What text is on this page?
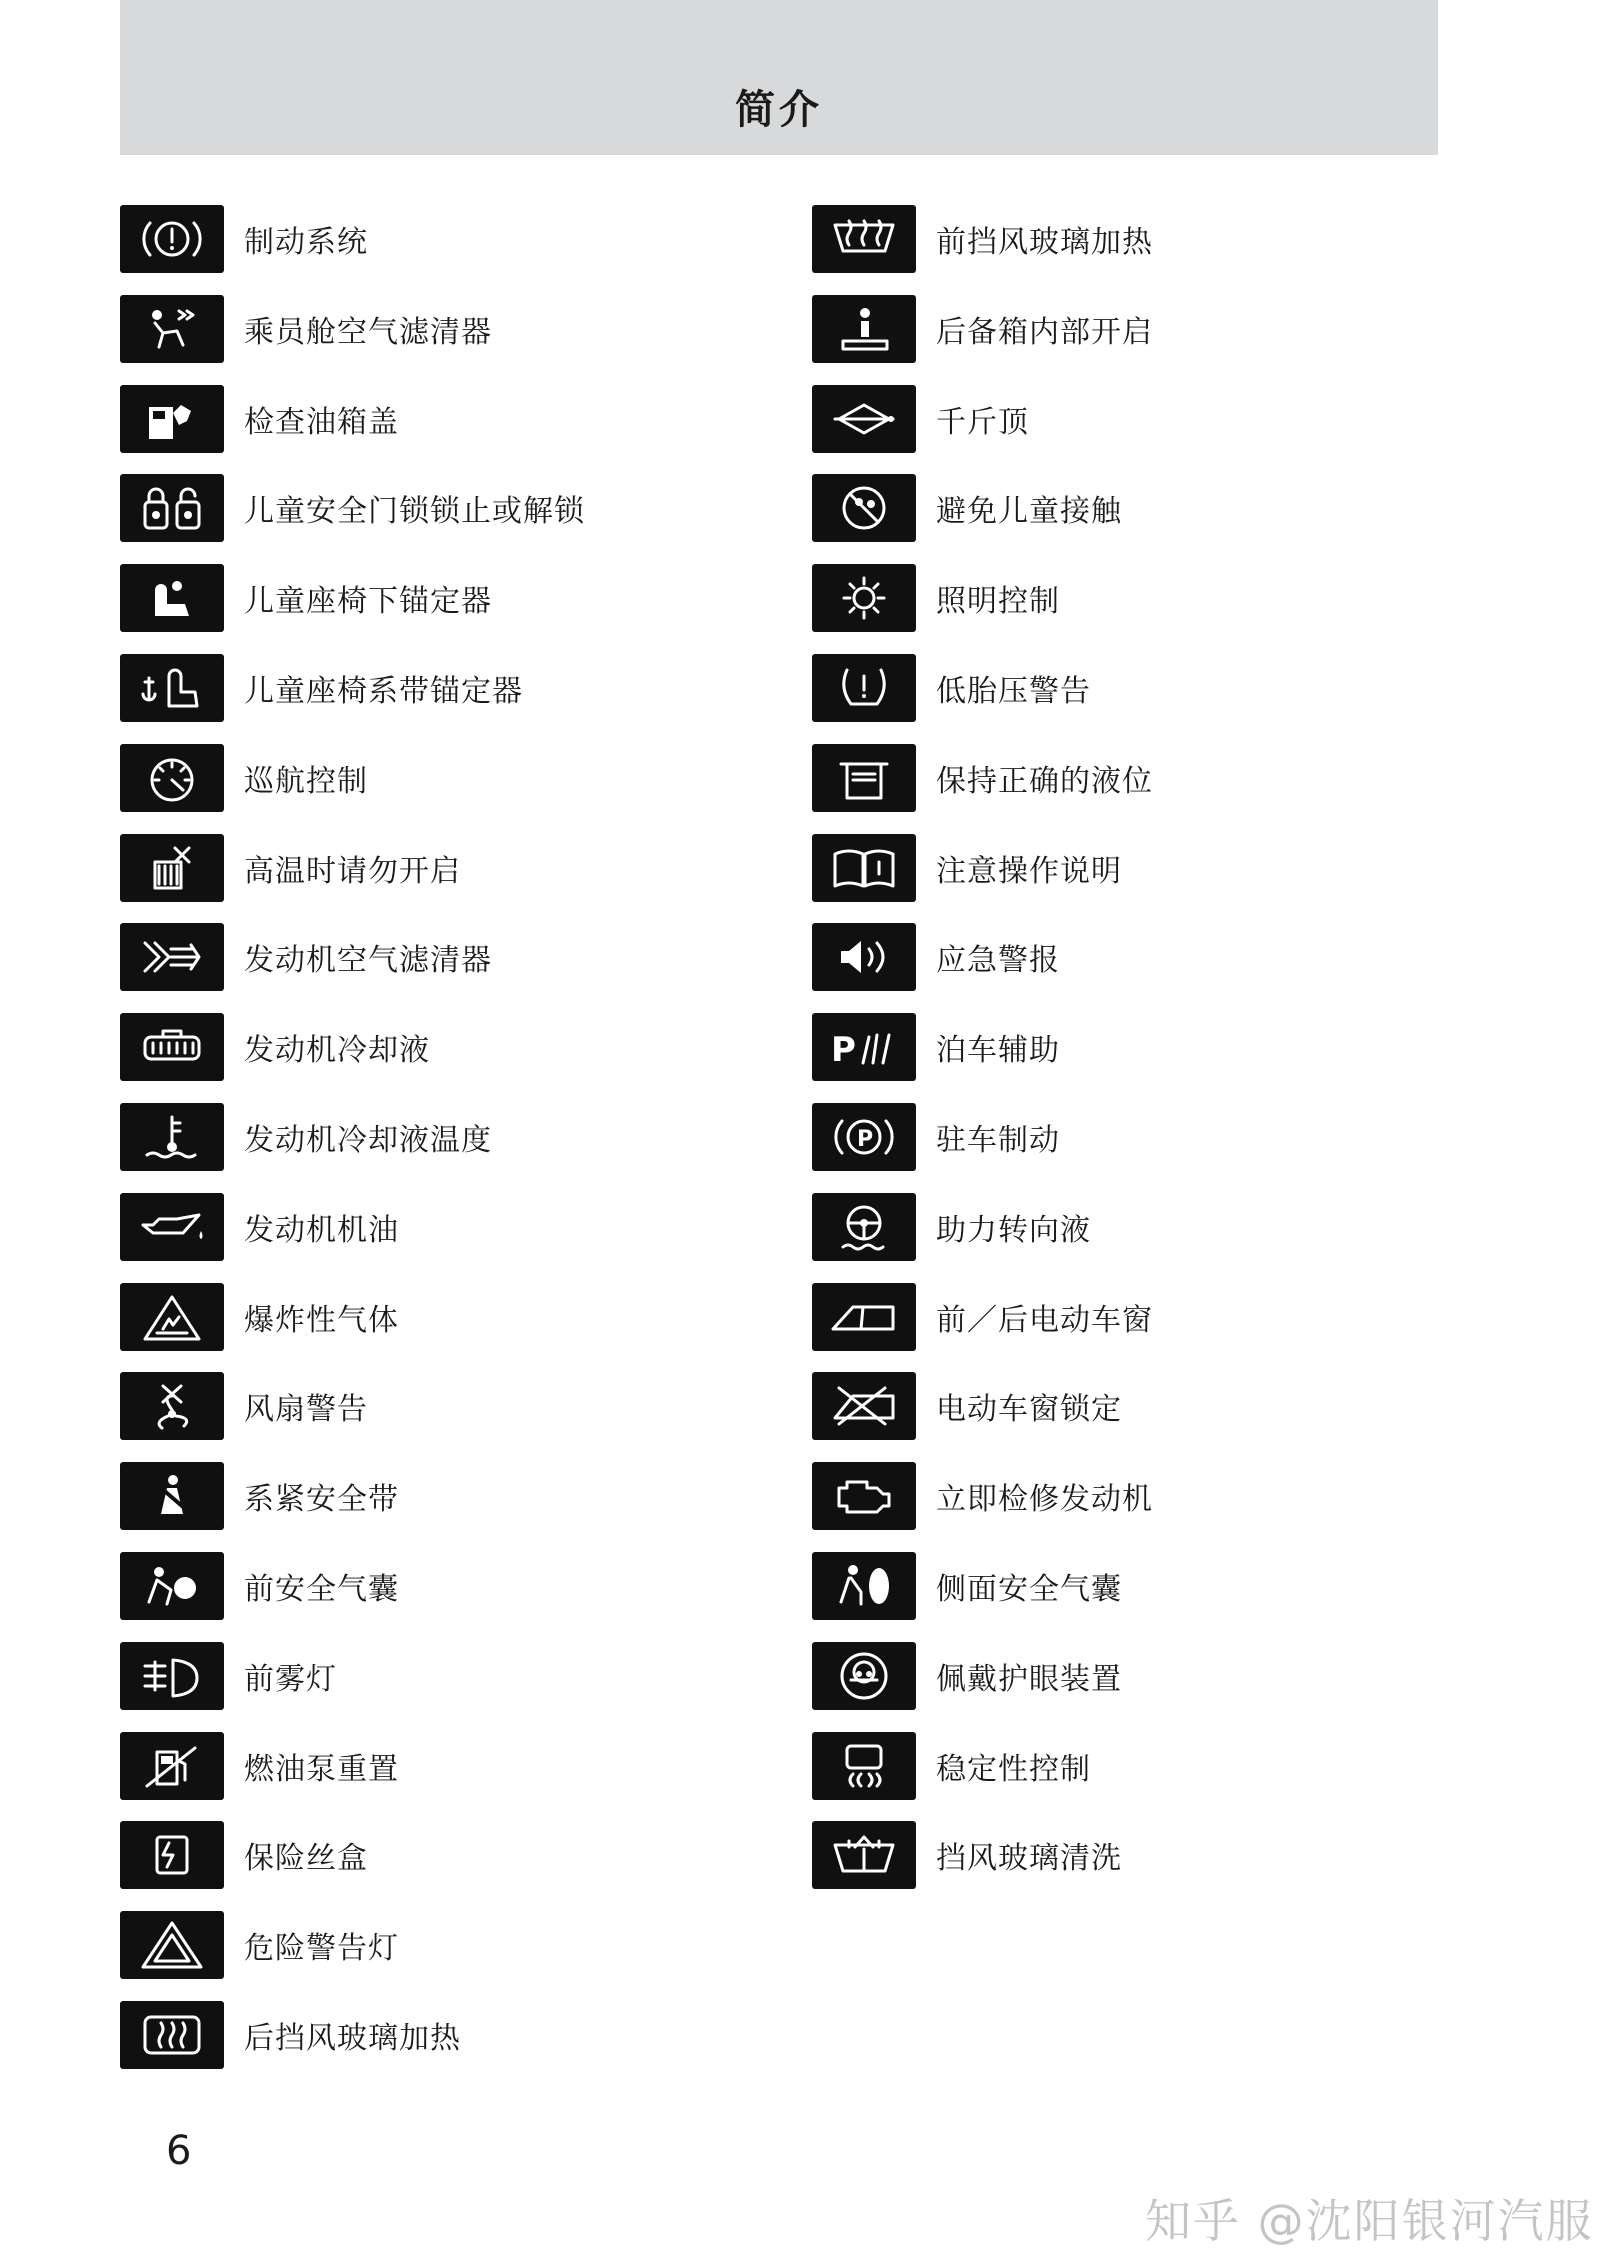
简介
制动系统
乘员舱空气滤清器
检查油箱盖
儿童安全门锁锁止或解锁
儿童座椅下锚定器
儿童座椅系带锚定器
巡航控制
高温时请勿开启
发动机空气滤清器
发动机冷却液
发动机冷却液温度
发动机机油
爆炸性气体
风扇警告
系紧安全带
前安全气囊
前雾灯
燃油泵重置
保险丝盒
危险警告灯
后挡风玻璃加热
前挡风玻璃加热
后备箱内部开启
千斤顶
避免儿童接触
照明控制
低胎压警告
保持正确的液位
注意操作说明
应急警报
P	泊车辅助
P 驻车制动
助力转向液
前／后电动车窗
电动车窗锁定
立即检修发动机
侧面安全气囊
佩戴护眼装置
稳定性控制
挡风玻璃清洗
6
知乎 @沈阳银河汽服
